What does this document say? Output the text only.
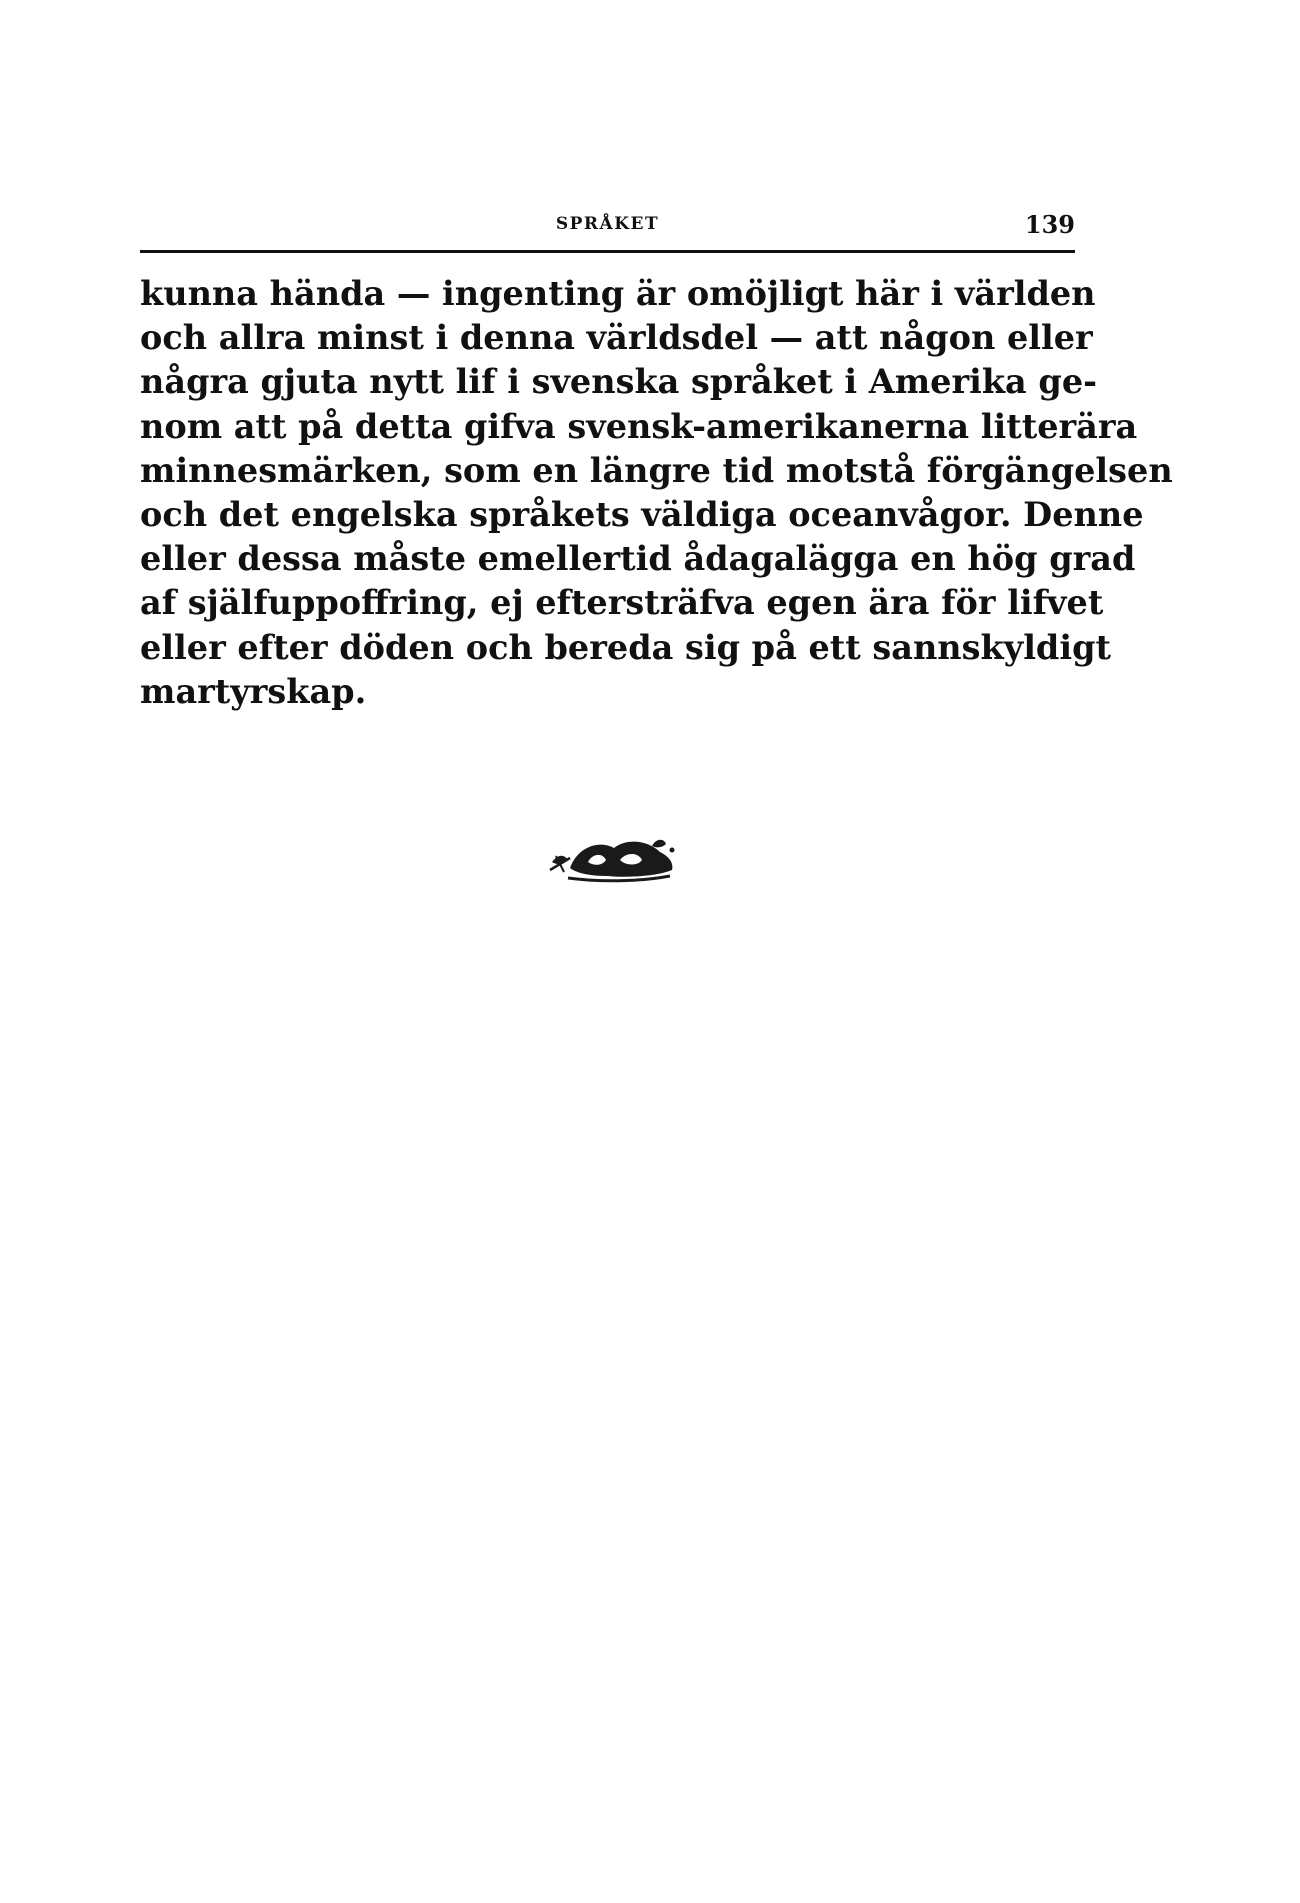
SPRÅKET	139

kunna hända — ingenting är omöjligt här i världen
och allra minst i denna världsdel — att någon eller
några gjuta nytt lif i svenska språket i Amerika ge-
nom att på detta gifva svensk-amerikanerna litterära
minnesmärken, som en längre tid motstå förgängelsen
och det engelska språkets väldiga oceanvågor. Denne
eller dessa måste emellertid ådagalägga en hög grad
af själfuppoffring, ej eftersträfva egen ära för lifvet
eller efter döden och bereda sig på ett sannskyldigt
martyrskap.
